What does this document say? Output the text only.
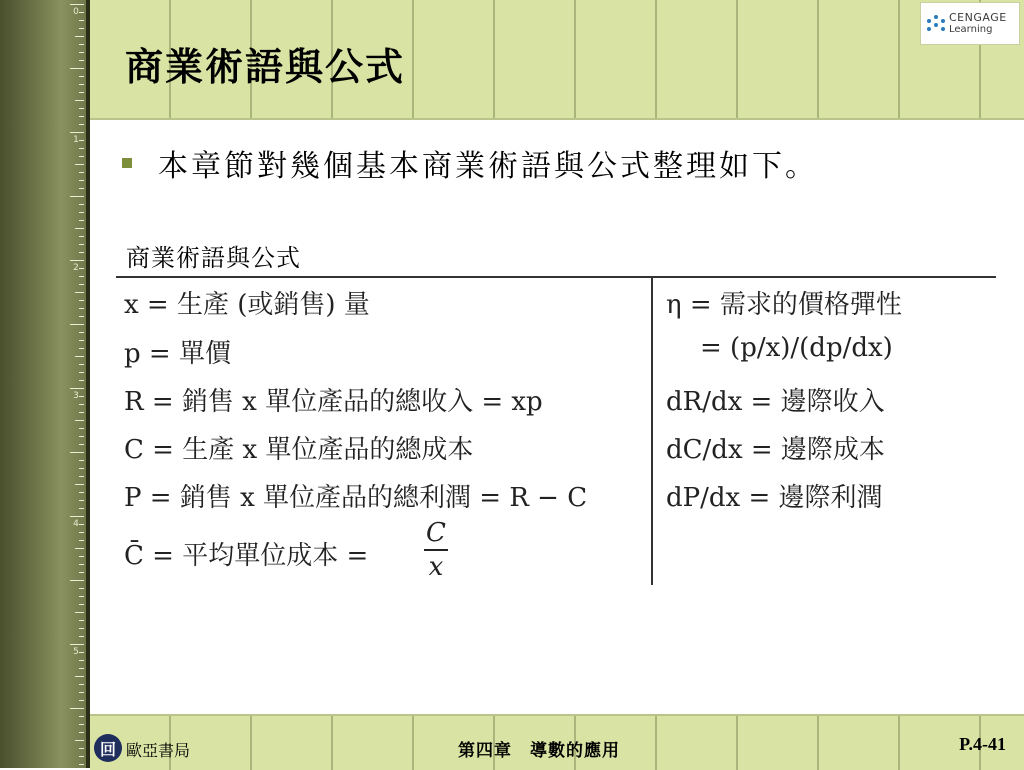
0
1
2
3
4
5
商業術語與公式
CENGAGE
Learning
本章節對幾個基本商業術語與公式整理如下。
商業術語與公式
x = 生產 (或銷售) 量
p = 單價
R = 銷售 x 單位產品的總收入 = xp
C = 生產 x 單位產品的總成本
P = 銷售 x 單位產品的總利潤 = R − C
C̄ = 平均單位成本 =
C
x
η = 需求的價格彈性
= (p/x)/(dp/dx)
dR/dx = 邊際收入
dC/dx = 邊際成本
dP/dx = 邊際利潤
回 歐亞書局	第四章　導數的應用	P.4-41
